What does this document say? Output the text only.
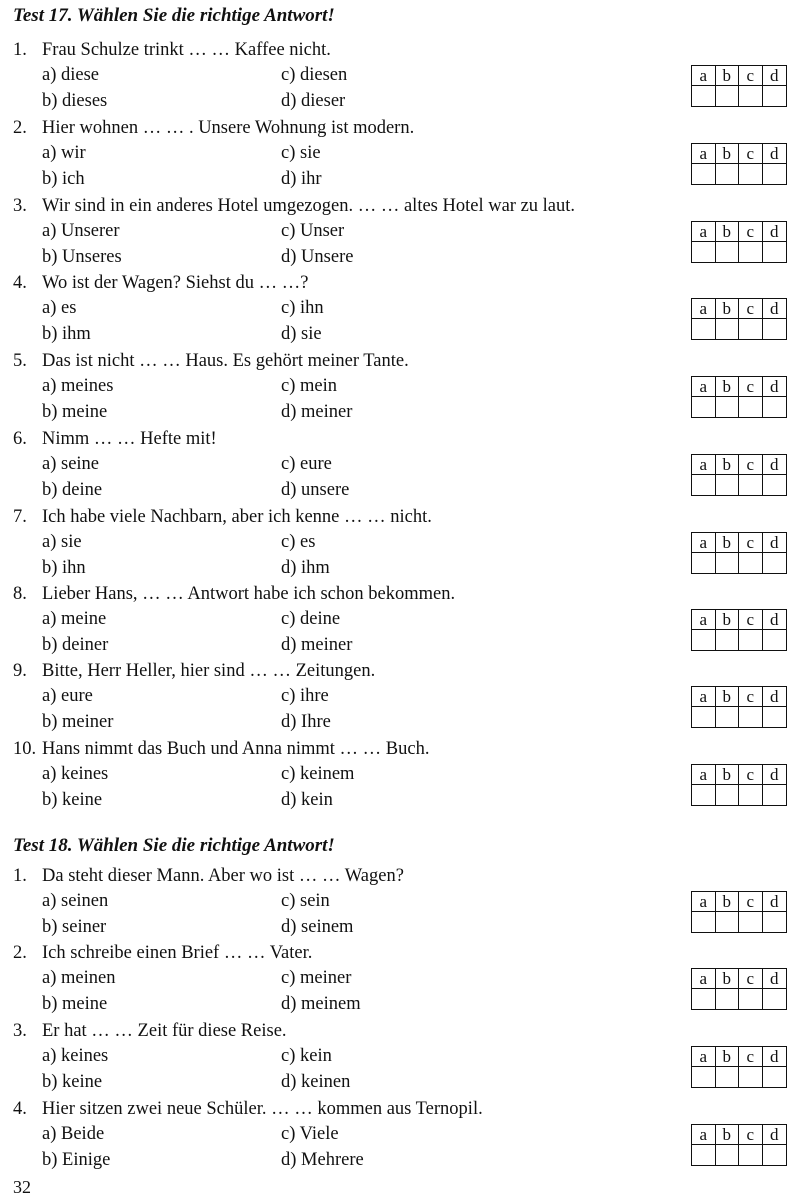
Test 17. Wählen Sie die richtige Antwort!
1. Frau Schulze trinkt … … Kaffee nicht.
a) diese	c) diesen
b) dieses	d) dieser
a b c d
2. Hier wohnen … … . Unsere Wohnung ist modern.
a) wir	c) sie
b) ich	d) ihr
a b c d
3. Wir sind in ein anderes Hotel umgezogen. … … altes Hotel war zu laut.
a) Unserer	c) Unser
b) Unseres	d) Unsere
a b c d
4. Wo ist der Wagen? Siehst du … …?
a) es	c) ihn
b) ihm	d) sie
a b c d
5. Das ist nicht … … Haus. Es gehört meiner Tante.
a) meines	c) mein
b) meine	d) meiner
a b c d
6. Nimm … … Hefte mit!
a) seine	c) eure
b) deine	d) unsere
a b c d
7. Ich habe viele Nachbarn, aber ich kenne … … nicht.
a) sie	c) es
b) ihn	d) ihm
a b c d
8. Lieber Hans, … … Antwort habe ich schon bekommen.
a) meine	c) deine
b) deiner	d) meiner
a b c d
9. Bitte, Herr Heller, hier sind … … Zeitungen.
a) eure	c) ihre
b) meiner	d) Ihre
a b c d
10. Hans nimmt das Buch und Anna nimmt … … Buch.
a) keines	c) keinem
b) keine	d) kein
a b c d
Test 18. Wählen Sie die richtige Antwort!
1. Da steht dieser Mann. Aber wo ist … … Wagen?
a) seinen	c) sein
b) seiner	d) seinem
a b c d
2. Ich schreibe einen Brief … … Vater.
a) meinen	c) meiner
b) meine	d) meinem
a b c d
3. Er hat … … Zeit für diese Reise.
a) keines	c) kein
b) keine	d) keinen
a b c d
4. Hier sitzen zwei neue Schüler. … … kommen aus Ternopil.
a) Beide	c) Viele
b) Einige	d) Mehrere
a b c d
32
